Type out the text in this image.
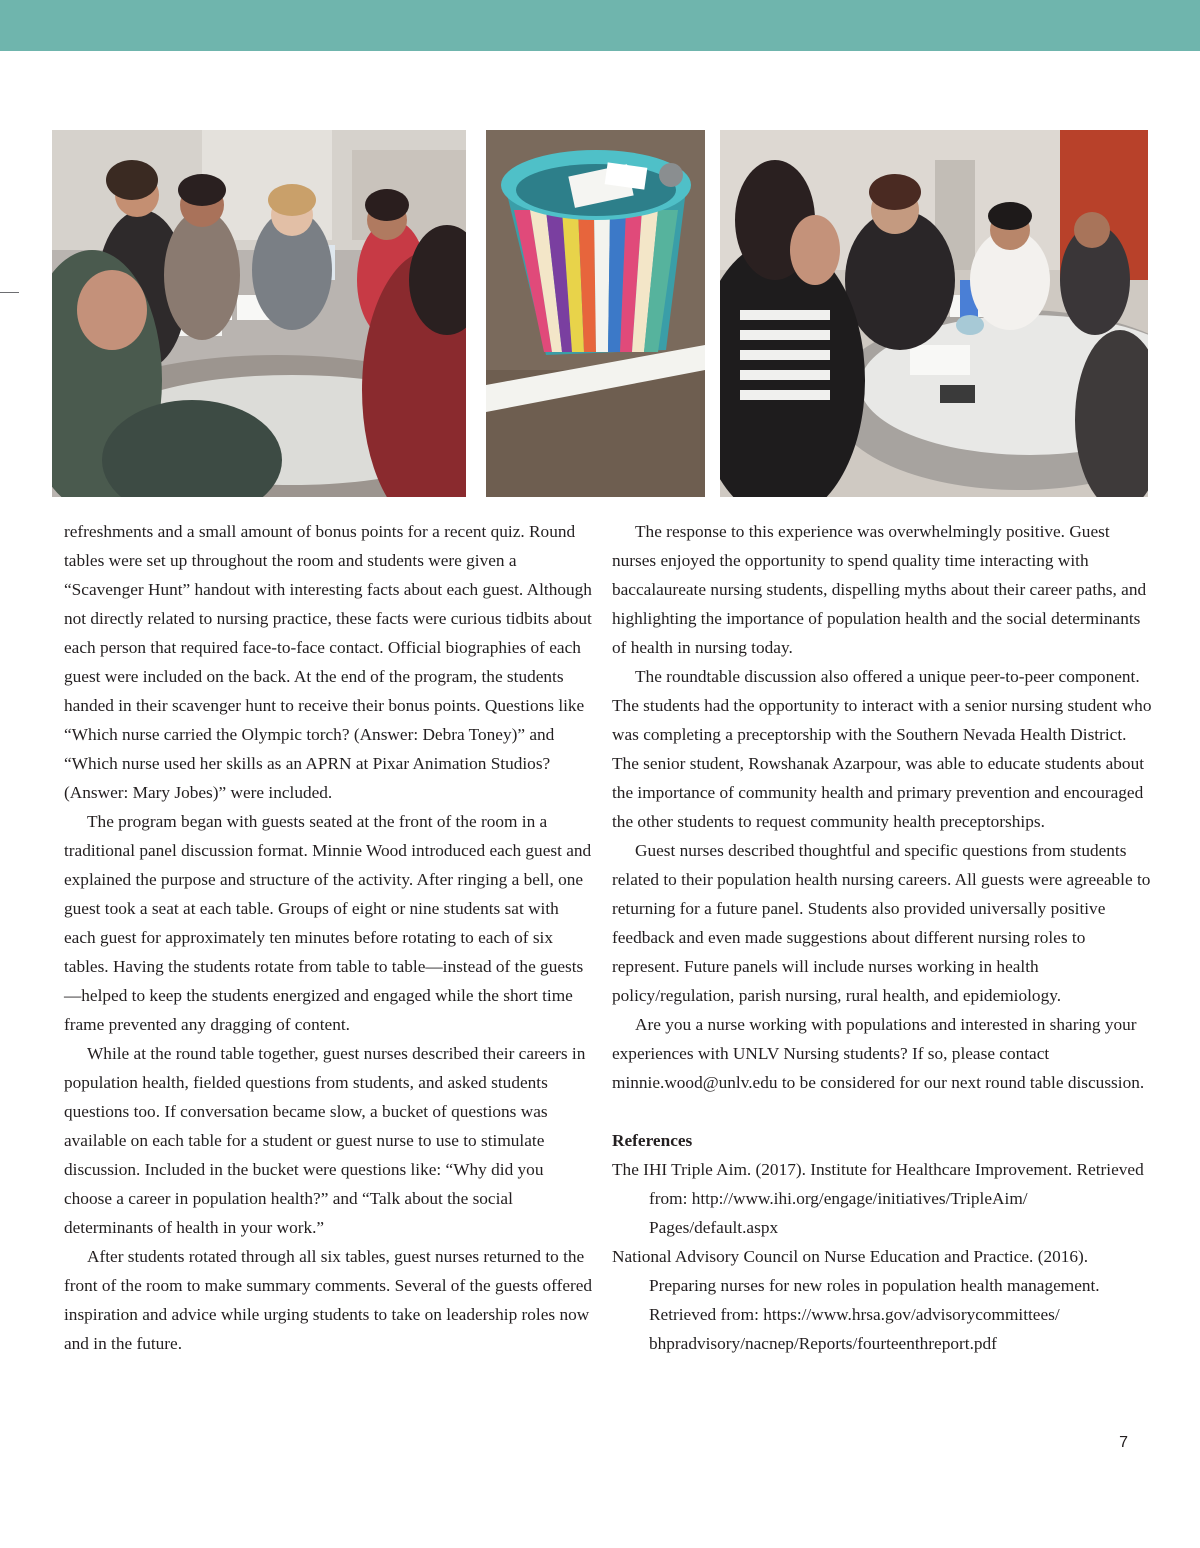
refreshments and a small amount of bonus points for a recent quiz. Round tables were set up throughout the room and students were given a “Scavenger Hunt” handout with interesting facts about each guest. Although not directly related to nursing practice, these facts were curious tidbits about each person that required face-to-face contact. Official biographies of each guest were included on the back. At the end of the program, the students handed in their scavenger hunt to receive their bonus points. Questions like “Which nurse carried the Olympic torch? (Answer: Debra Toney)” and “Which nurse used her skills as an APRN at Pixar Animation Studios? (Answer: Mary Jobes)” were included.

The program began with guests seated at the front of the room in a traditional panel discussion format. Minnie Wood introduced each guest and explained the purpose and structure of the activity. After ringing a bell, one guest took a seat at each table. Groups of eight or nine students sat with each guest for approximately ten minutes before rotating to each of six tables. Having the students rotate from table to table—instead of the guests—helped to keep the students energized and engaged while the short time frame prevented any dragging of content.

While at the round table together, guest nurses described their careers in population health, fielded questions from students, and asked students questions too. If conversation became slow, a bucket of questions was available on each table for a student or guest nurse to use to stimulate discussion. Included in the bucket were questions like: “Why did you choose a career in population health?” and “Talk about the social determinants of health in your work.”

After students rotated through all six tables, guest nurses returned to the front of the room to make summary comments. Several of the guests offered inspiration and advice while urging students to take on leadership roles now and in the future.

The response to this experience was overwhelmingly positive. Guest nurses enjoyed the opportunity to spend quality time interacting with baccalaureate nursing students, dispelling myths about their career paths, and highlighting the importance of population health and the social determinants of health in nursing today.

The roundtable discussion also offered a unique peer-to-peer component. The students had the opportunity to interact with a senior nursing student who was completing a preceptorship with the Southern Nevada Health District. The senior student, Rowshanak Azarpour, was able to educate students about the importance of community health and primary prevention and encouraged the other students to request community health preceptorships.

Guest nurses described thoughtful and specific questions from students related to their population health nursing careers. All guests were agreeable to returning for a future panel. Students also provided universally positive feedback and even made suggestions about different nursing roles to represent. Future panels will include nurses working in health policy/regulation, parish nursing, rural health, and epidemiology.

Are you a nurse working with populations and interested in sharing your experiences with UNLV Nursing students? If so, please contact minnie.wood@unlv.edu to be considered for our next round table discussion.

References

The IHI Triple Aim. (2017). Institute for Healthcare Improvement. Retrieved from: http://www.ihi.org/engage/initiatives/TripleAim/ Pages/default.aspx

National Advisory Council on Nurse Education and Practice. (2016). Preparing nurses for new roles in population health management. Retrieved from: https://www.hrsa.gov/advisorycommittees/ bhpradvisory/nacnep/Reports/fourteenthreport.pdf

7
